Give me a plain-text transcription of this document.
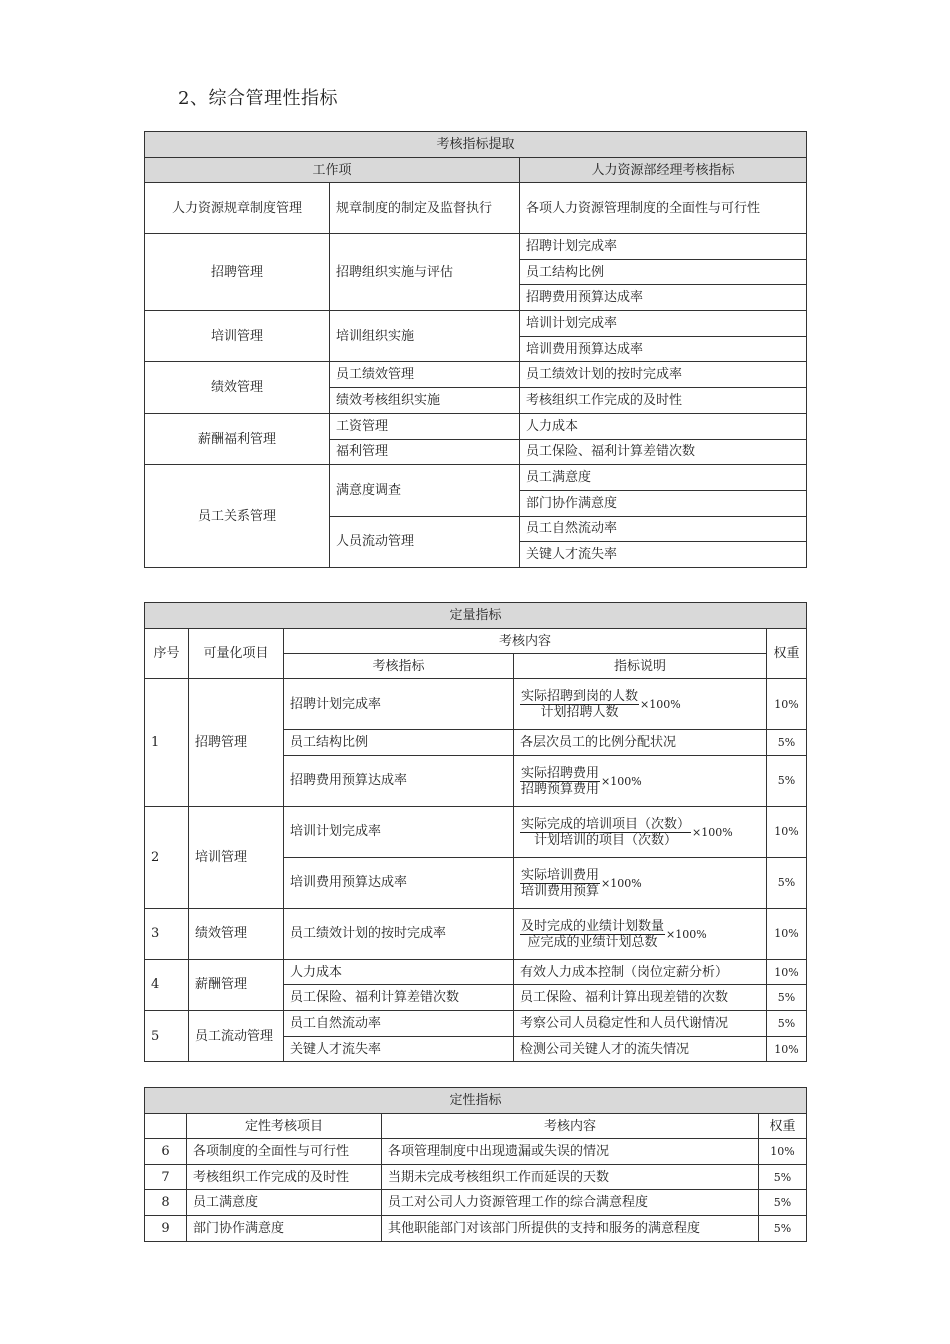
2、综合管理性指标
考核指标提取		
工作项		人力资源部经理考核指标
人力资源规章制度管理	规章制度的制定及监督执行	各项人力资源管理制度的全面性与可行性
招聘管理	招聘组织实施与评估	招聘计划完成率
		员工结构比例
		招聘费用预算达成率
培训管理	培训组织实施	培训计划完成率
		培训费用预算达成率
绩效管理	员工绩效管理	员工绩效计划的按时完成率
	绩效考核组织实施	考核组织工作完成的及时性
薪酬福利管理	工资管理	人力成本
	福利管理	员工保险、福利计算差错次数
员工关系管理	满意度调查	员工满意度
		部门协作满意度
	人员流动管理	员工自然流动率
		关键人才流失率
定量指标				
序号	可量化项目	考核内容		权重
		考核指标	指标说明	
1	招聘管理	招聘计划完成率	$\frac{\text{实际招聘到岗的人数}}{\text{计划招聘人数}} \times 100\%$	10%
		员工结构比例	各层次员工的比例分配状况	5%
		招聘费用预算达成率	$\frac{\text{实际招聘费用}}{\text{招聘预算费用}} \times 100\%$	5%
2	培训管理	培训计划完成率	$\frac{\text{实际完成的培训项目（次数）}}{\text{计划培训的项目（次数）}} \times 100\%$	10%
		培训费用预算达成率	$\frac{\text{实际培训费用}}{\text{培训费用预算}} \times 100\%$	5%
3	绩效管理	员工绩效计划的按时完成率	$\frac{\text{及时完成的业绩计划数量}}{\text{应完成的业绩计划总数}} \times 100\%$	10%
4	薪酬管理	人力成本	有效人力成本控制（岗位定薪分析）	10%
		员工保险、福利计算差错次数	员工保险、福利计算出现差错的次数	5%
5	员工流动管理	员工自然流动率	考察公司人员稳定性和人员代谢情况	5%
		关键人才流失率	检测公司关键人才的流失情况	10%
定性指标			
	定性考核项目	考核内容	权重
6	各项制度的全面性与可行性	各项管理制度中出现遗漏或失误的情况	10%
7	考核组织工作完成的及时性	当期未完成考核组织工作而延误的天数	5%
8	员工满意度	员工对公司人力资源管理工作的综合满意程度	5%
9	部门协作满意度	其他职能部门对该部门所提供的支持和服务的满意程度	5%
